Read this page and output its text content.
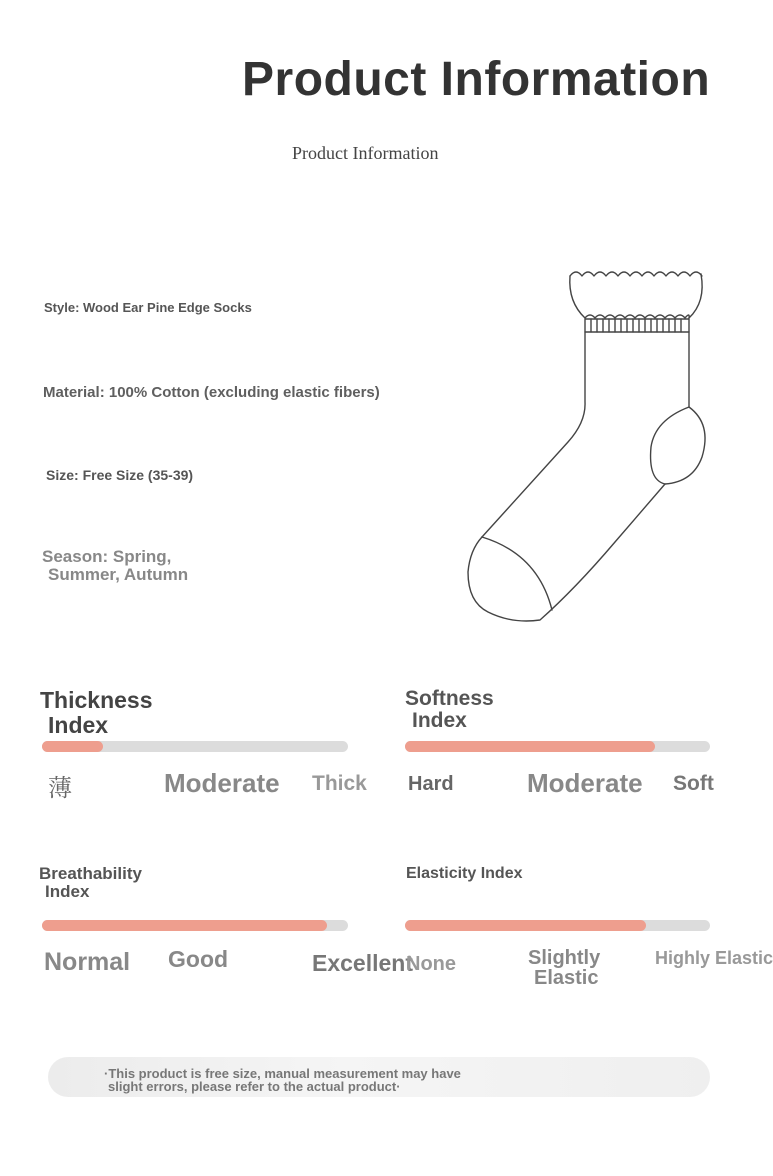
Product Information
Product Information
Style: Wood Ear Pine Edge Socks
Material: 100% Cotton (excluding elastic fibers)
Size: Free Size (35-39)
Season: Spring,
Summer, Autumn
Thickness
Index
薄	Moderate Thick
Softness
Index
Hard	Moderate Soft
Breathability
Index
Normal Good	Excellent
Elasticity Index
None	Slightly
Elastic
Highly Elastic
·This product is free size, manual measurement may have
slight errors, please refer to the actual product·
